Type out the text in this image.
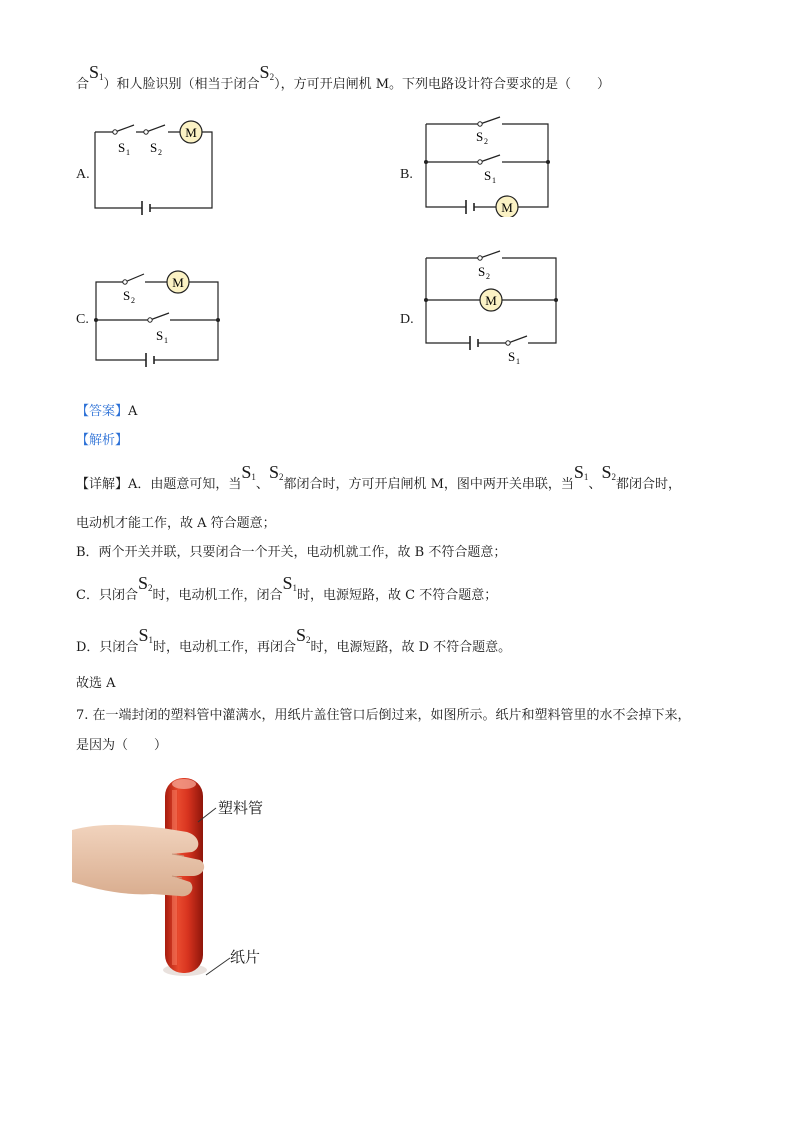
合$S_1$）和人脸识别（相当于闭合$S_2$），方可开启闸机 M。下列电路设计符合要求的是（　　）
A.	B.
C.	D.
M
S 1 S 2
M
S 2
S 1
M
S 2
S 1
M
S 2
S 1
【答案】A
【解析】
【详解】A．由题意可知，当$S_1$、$S_2$都闭合时，方可开启闸机 M，图中两开关串联，当$S_1$、$S_2$都闭合时，
电动机才能工作，故 A 符合题意；
B．两个开关并联，只要闭合一个开关，电动机就工作，故 B 不符合题意；
C．只闭合$S_2$时，电动机工作，闭合$S_1$时，电源短路，故 C 不符合题意；
D．只闭合$S_1$时，电动机工作，再闭合$S_2$时，电源短路，故 D 不符合题意。
故选 A
7. 在一端封闭的塑料管中灌满水，用纸片盖住管口后倒过来，如图所示。纸片和塑料管里的水不会掉下来，
是因为（　　）
塑料管
纸片
